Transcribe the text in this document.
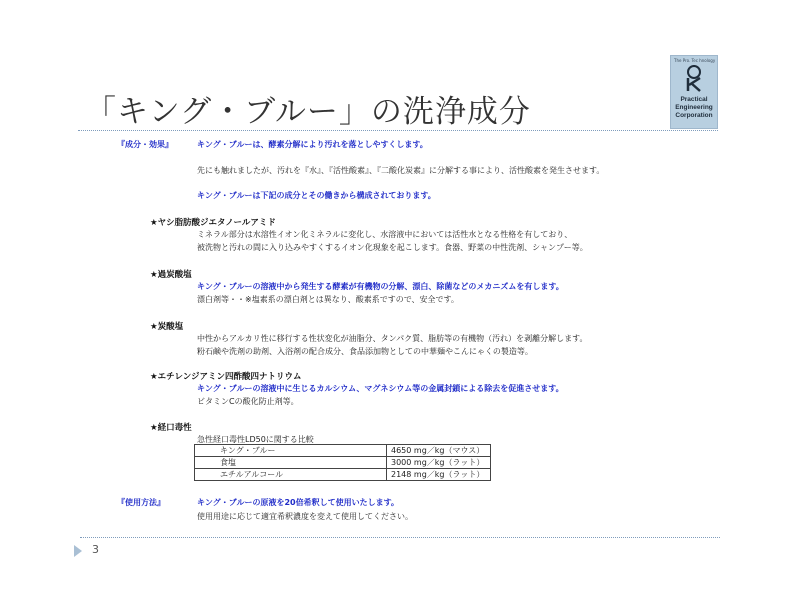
「キング・ブルー」の洗浄成分
The Pro. Tec hnology
Practical
Engineering
Corporation
『成分・効果』	キング・ブルーは、酵素分解により汚れを落としやすくします。
先にも触れましたが、汚れを『水』、『活性酸素』、『二酸化炭素』に分解する事により、活性酸素を発生させます。
キング・ブルーは下記の成分とその働きから構成されております。
★ヤシ脂肪酸ジエタノールアミド
ミネラル部分は水溶性イオン化ミネラルに変化し、水溶液中においては活性水となる性格を有しており、
被洗物と汚れの間に入り込みやすくするイオン化現象を起こします。食器、野菜の中性洗剤、シャンプー等。
★過炭酸塩
キング・ブルーの溶液中から発生する酵素が有機物の分解、漂白、除菌などのメカニズムを有します。
漂白剤等・・※塩素系の漂白剤とは異なり、酸素系ですので、安全です。
★炭酸塩
中性からアルカリ性に移行する性状変化が油脂分、タンパク質、脂肪等の有機物（汚れ）を剥離分解します。
粉石鹸や洗剤の助剤、入浴剤の配合成分、食品添加物としての中華麺やこんにゃくの製造等。
★エチレンジアミン四酢酸四ナトリウム
キング・ブルーの溶液中に生じるカルシウム、マグネシウム等の金属封鎖による除去を促進させます。
ビタミンCの酸化防止剤等。
★経口毒性
急性経口毒性LD50に関する比較
キング・ブルー	4650 mg／kg（マウス）
食塩	3000 mg／kg（ラット）
エチルアルコール	2148 mg／kg（ラット）
『使用方法』	キング・ブルーの原液を20倍希釈して使用いたします。
使用用途に応じて適宜希釈濃度を変えて使用してください。
3
